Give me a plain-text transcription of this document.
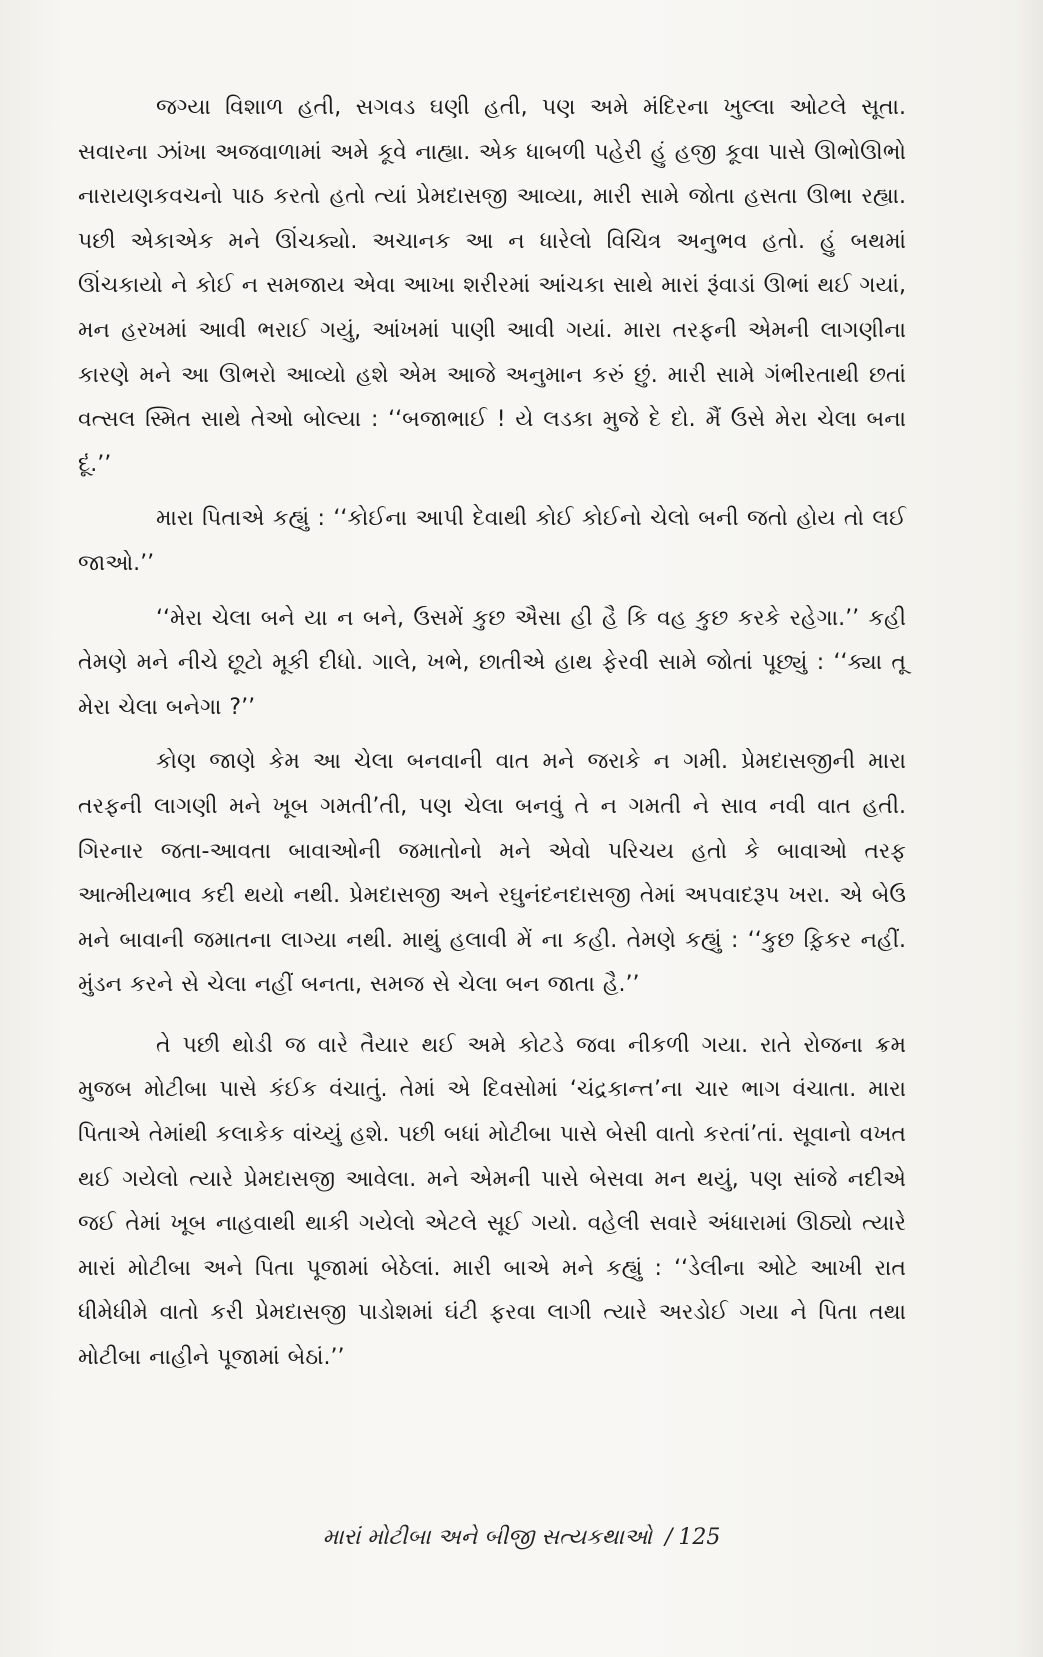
જગ્યા વિશાળ હતી, સગવડ ઘણી હતી, પણ અમે મંદિરના ખુલ્લા ઓટલે સૂતા. સવારના ઝાંખા અજવાળામાં અમે કૂવે નાહ્યા. એક ધાબળી પહેરી હું હજી કૂવા પાસે ઊભોઊભો નારાયણકવચનો પાઠ કરતો હતો ત્યાં પ્રેમદાસજી આવ્યા, મારી સામે જોતા હસતા ઊભા રહ્યા. પછી એકાએક મને ઊંચક્યો. અચાનક આ ન ધારેલો વિચિત્ર અનુભવ હતો. હું બથમાં ઊંચકાયો ને કોઈ ન સમજાય એવા આખા શરીરમાં આંચકા સાથે મારાં રૂંવાડાં ઊભાં થઈ ગયાં, મન હરખમાં આવી ભરાઈ ગયું, આંખમાં પાણી આવી ગયાં. મારા તરફની એમની લાગણીના કારણે મને આ ઊભરો આવ્યો હશે એમ આજે અનુમાન કરું છું. મારી સામે ગંભીરતાથી છતાં વત્સલ સ્મિત સાથે તેઓ બોલ્યા : ‘‘બજાભાઈ ! યે લડકા મુજે દે દો. મૈં ઉસે મેરા ચેલા બના દૂં.’’

મારા પિતાએ કહ્યું : ‘‘કોઈના આપી દેવાથી કોઈ કોઈનો ચેલો બની જતો હોય તો લઈ જાઓ.’’

‘‘મેરા ચેલા બને યા ન બને, ઉસમેં કુછ ઐસા હી હૈ કિ વહ કુછ કરકે રહેગા.’’ કહી તેમણે મને નીચે છૂટો મૂકી દીધો. ગાલે, ખભે, છાતીએ હાથ ફેરવી સામે જોતાં પૂછ્યું : ‘‘ક્યા તૂ મેરા ચેલા બનેગા ?’’

કોણ જાણે કેમ આ ચેલા બનવાની વાત મને જરાકે ન ગમી. પ્રેમદાસજીની મારા તરફની લાગણી મને ખૂબ ગમતી’તી, પણ ચેલા બનવું તે ન ગમતી ને સાવ નવી વાત હતી. ગિરનાર જતા-આવતા બાવાઓની જમાતોનો મને એવો પરિચય હતો કે બાવાઓ તરફ આત્મીયભાવ કદી થયો નથી. પ્રેમદાસજી અને રઘુનંદનદાસજી તેમાં અપવાદરૂપ ખરા. એ બેઉ મને બાવાની જમાતના લાગ્યા નથી. માથું હલાવી મેં ના કહી. તેમણે કહ્યું : ‘‘કુછ ફ઼િકર નહીં. મુંડન કરને સે ચેલા નહીં બનતા, સમજ સે ચેલા બન જાતા હૈ.’’

તે પછી થોડી જ વારે તૈયાર થઈ અમે કોટડે જવા નીકળી ગયા. રાતે રોજના ક્રમ મુજબ મોટીબા પાસે કંઈક વંચાતું. તેમાં એ દિવસોમાં ‘ચંદ્રકાન્ત’ના ચાર ભાગ વંચાતા. મારા પિતાએ તેમાંથી કલાકેક વાંચ્યું હશે. પછી બધાં મોટીબા પાસે બેસી વાતો કરતાં’તાં. સૂવાનો વખત થઈ ગયેલો ત્યારે પ્રેમદાસજી આવેલા. મને એમની પાસે બેસવા મન થયું, પણ સાંજે નદીએ જઈ તેમાં ખૂબ નાહવાથી થાકી ગયેલો એટલે સૂઈ ગયો. વહેલી સવારે અંધારામાં ઊઠ્યો ત્યારે મારાં મોટીબા અને પિતા પૂજામાં બેઠેલાં. મારી બાએ મને કહ્યું : ‘‘ડેલીના ઓટે આખી રાત ધીમેધીમે વાતો કરી પ્રેમદાસજી પાડોશમાં ઘંટી ફરવા લાગી ત્યારે અરડોઈ ગયા ને પિતા તથા મોટીબા નાહીને પૂજામાં બેઠાં.’’

મારાં મોટીબા અને બીજી સત્યકથાઓ / 125
